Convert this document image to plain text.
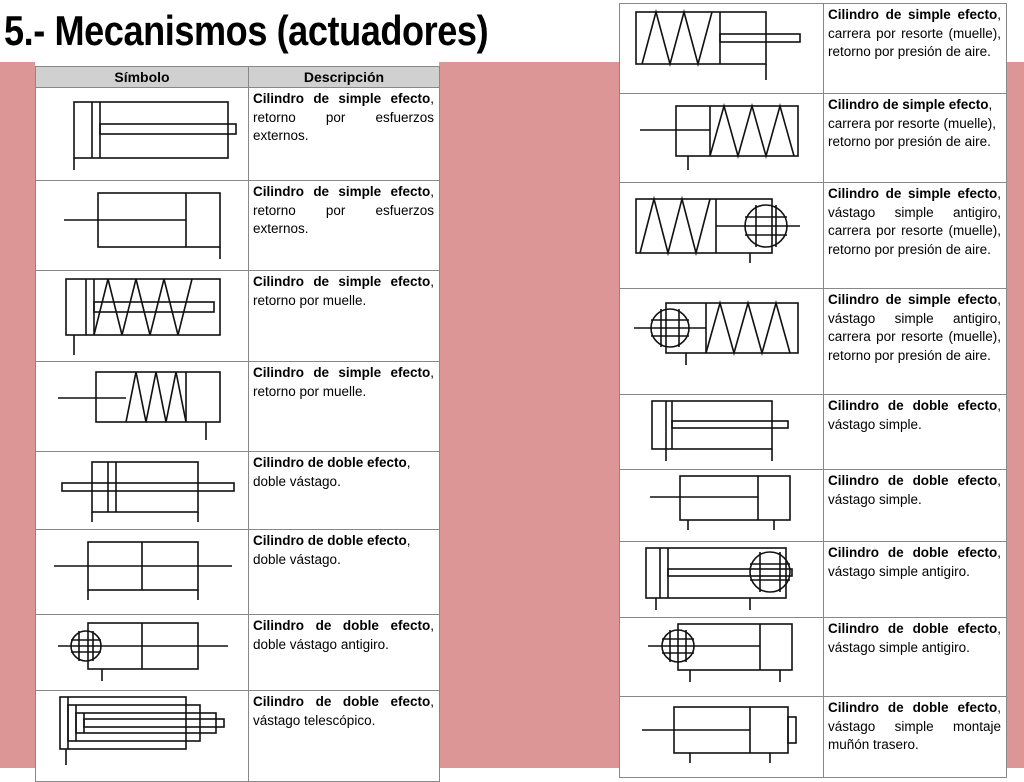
5.- Mecanismos (actuadores)
Símbolo	Descripción

	Cilindro de simple efecto, retorno por esfuerzos externos.

	Cilindro de simple efecto, retorno por esfuerzos externos.

	Cilindro de simple efecto, retorno por muelle.

	Cilindro de simple efecto, retorno por muelle.

	Cilindro de doble efecto, doble vástago.

	Cilindro de doble efecto, doble vástago.

	Cilindro de doble efecto, doble vástago antigiro.

	Cilindro de doble efecto, vástago telescópico.
	Cilindro de simple efecto, carrera por resorte (muelle), retorno por presión de aire.

	Cilindro de simple efecto, carrera por resorte (muelle), retorno por presión de aire.

	Cilindro de simple efecto, vástago simple antigiro, carrera por resorte (muelle), retorno por presión de aire.

	Cilindro de simple efecto, vástago simple antigiro, carrera por resorte (muelle), retorno por presión de aire.

	Cilindro de doble efecto, vástago simple.

	Cilindro de doble efecto, vástago simple.

	Cilindro de doble efecto, vástago simple antigiro.

	Cilindro de doble efecto, vástago simple antigiro.

	Cilindro de doble efecto, vástago simple montaje muñón trasero.
